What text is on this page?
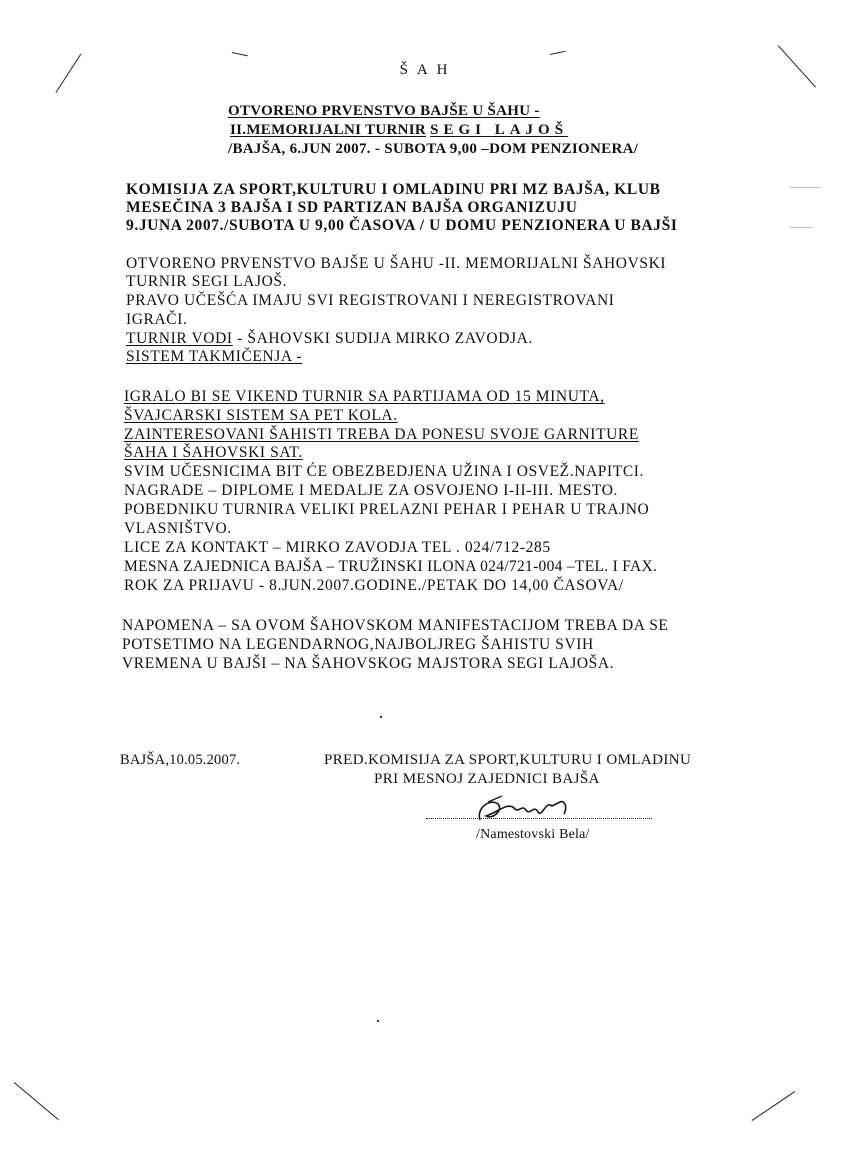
Š A H
OTVORENO PRVENSTVO BAJŠE U ŠAHU -
II.MEMORIJALNI TURNIR SEGI LAJOŠ
/BAJŠA, 6.JUN 2007. - SUBOTA 9,00 –DOM PENZIONERA/
KOMISIJA ZA SPORT,KULTURU I OMLADINU PRI MZ BAJŠA, KLUB
MESEČINA 3 BAJŠA I SD PARTIZAN BAJŠA ORGANIZUJU
9.JUNA 2007./SUBOTA U 9,00 ČASOVA / U DOMU PENZIONERA U BAJŠI
OTVORENO PRVENSTVO BAJŠE U ŠAHU -II. MEMORIJALNI ŠAHOVSKI
TURNIR SEGI LAJOŠ.
PRAVO UČEŠĆA IMAJU SVI REGISTROVANI I NEREGISTROVANI
IGRAČI.
TURNIR VODI - ŠAHOVSKI SUDIJA MIRKO ZAVODJA.
SISTEM TAKMIČENJA -
IGRALO BI SE VIKEND TURNIR SA PARTIJAMA OD 15 MINUTA,
ŠVAJCARSKI SISTEM SA PET KOLA.
ZAINTERESOVANI ŠAHISTI TREBA DA PONESU SVOJE GARNITURE
ŠAHA I ŠAHOVSKI SAT.
SVIM UČESNICIMA BIT ĆE OBEZBEDJENA UŽINA I OSVEŽ.NAPITCI.
NAGRADE – DIPLOME I MEDALJE ZA OSVOJENO I-II-III. MESTO.
POBEDNIKU TURNIRA VELIKI PRELAZNI PEHAR I PEHAR U TRAJNO
VLASNIŠTVO.
LICE ZA KONTAKT – MIRKO ZAVODJA TEL . 024/712-285
MESNA ZAJEDNICA BAJŠA – TRUŽINSKI ILONA 024/721-004 –TEL. I FAX.
ROK ZA PRIJAVU - 8.JUN.2007.GODINE./PETAK DO 14,00 ČASOVA/
NAPOMENA – SA OVOM ŠAHOVSKOM MANIFESTACIJOM TREBA DA SE
POTSETIMO NA LEGENDARNOG,NAJBOLJREG ŠAHISTU SVIH
VREMENA U BAJŠI – NA ŠAHOVSKOG MAJSTORA SEGI LAJOŠA.
BAJŠA,10.05.2007.	PRED.KOMISIJA ZA SPORT,KULTURU I OMLADINU
PRI MESNOJ ZAJEDNICI BAJŠA
/Namestovski Bela/
